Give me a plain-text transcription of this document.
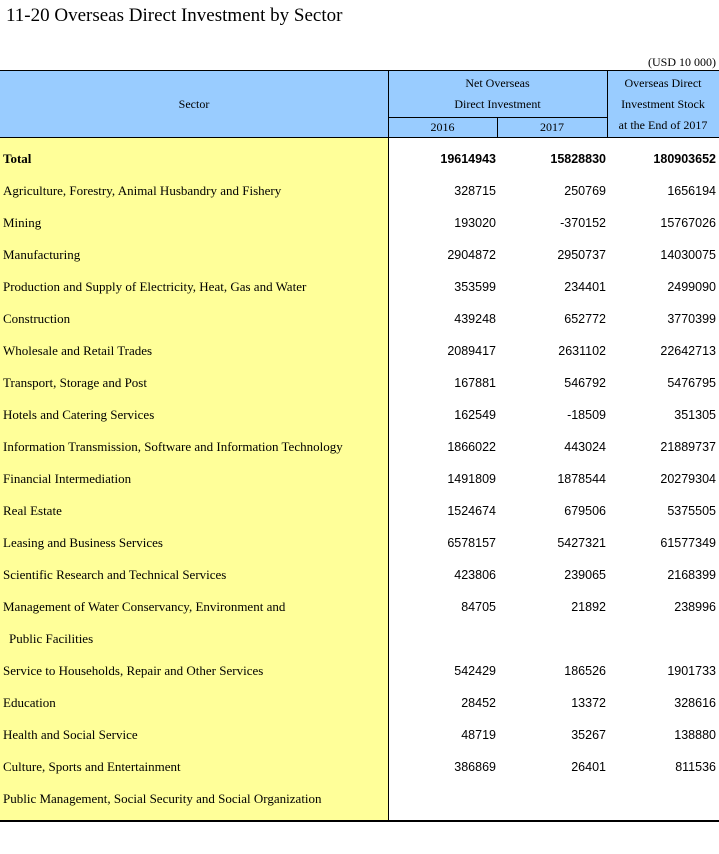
11-20 Overseas Direct Investment by Sector
(USD 10 000)
Sector
Net Overseas
Direct Investment
2016	2017
Overseas Direct
Investment Stock
at the End of 2017
Total	19614943	15828830	180903652
Agriculture, Forestry, Animal Husbandry and Fishery	328715	250769	1656194
Mining	193020	-370152	15767026
Manufacturing	2904872	2950737	14030075
Production and Supply of Electricity, Heat, Gas and Water	353599	234401	2499090
Construction	439248	652772	3770399
Wholesale and Retail Trades	2089417	2631102	22642713
Transport, Storage and Post	167881	546792	5476795
Hotels and Catering Services	162549	-18509	351305
Information Transmission, Software and Information Technology	1866022	443024	21889737
Financial Intermediation	1491809	1878544	20279304
Real Estate	1524674	679506	5375505
Leasing and Business Services	6578157	5427321	61577349
Scientific Research and Technical Services	423806	239065	2168399
Management of Water Conservancy, Environment and
Public Facilities
84705	21892	238996
Service to Households, Repair and Other Services	542429	186526	1901733
Education	28452	13372	328616
Health and Social Service	48719	35267	138880
Culture, Sports and Entertainment	386869	26401	811536
Public Management, Social Security and Social Organization
